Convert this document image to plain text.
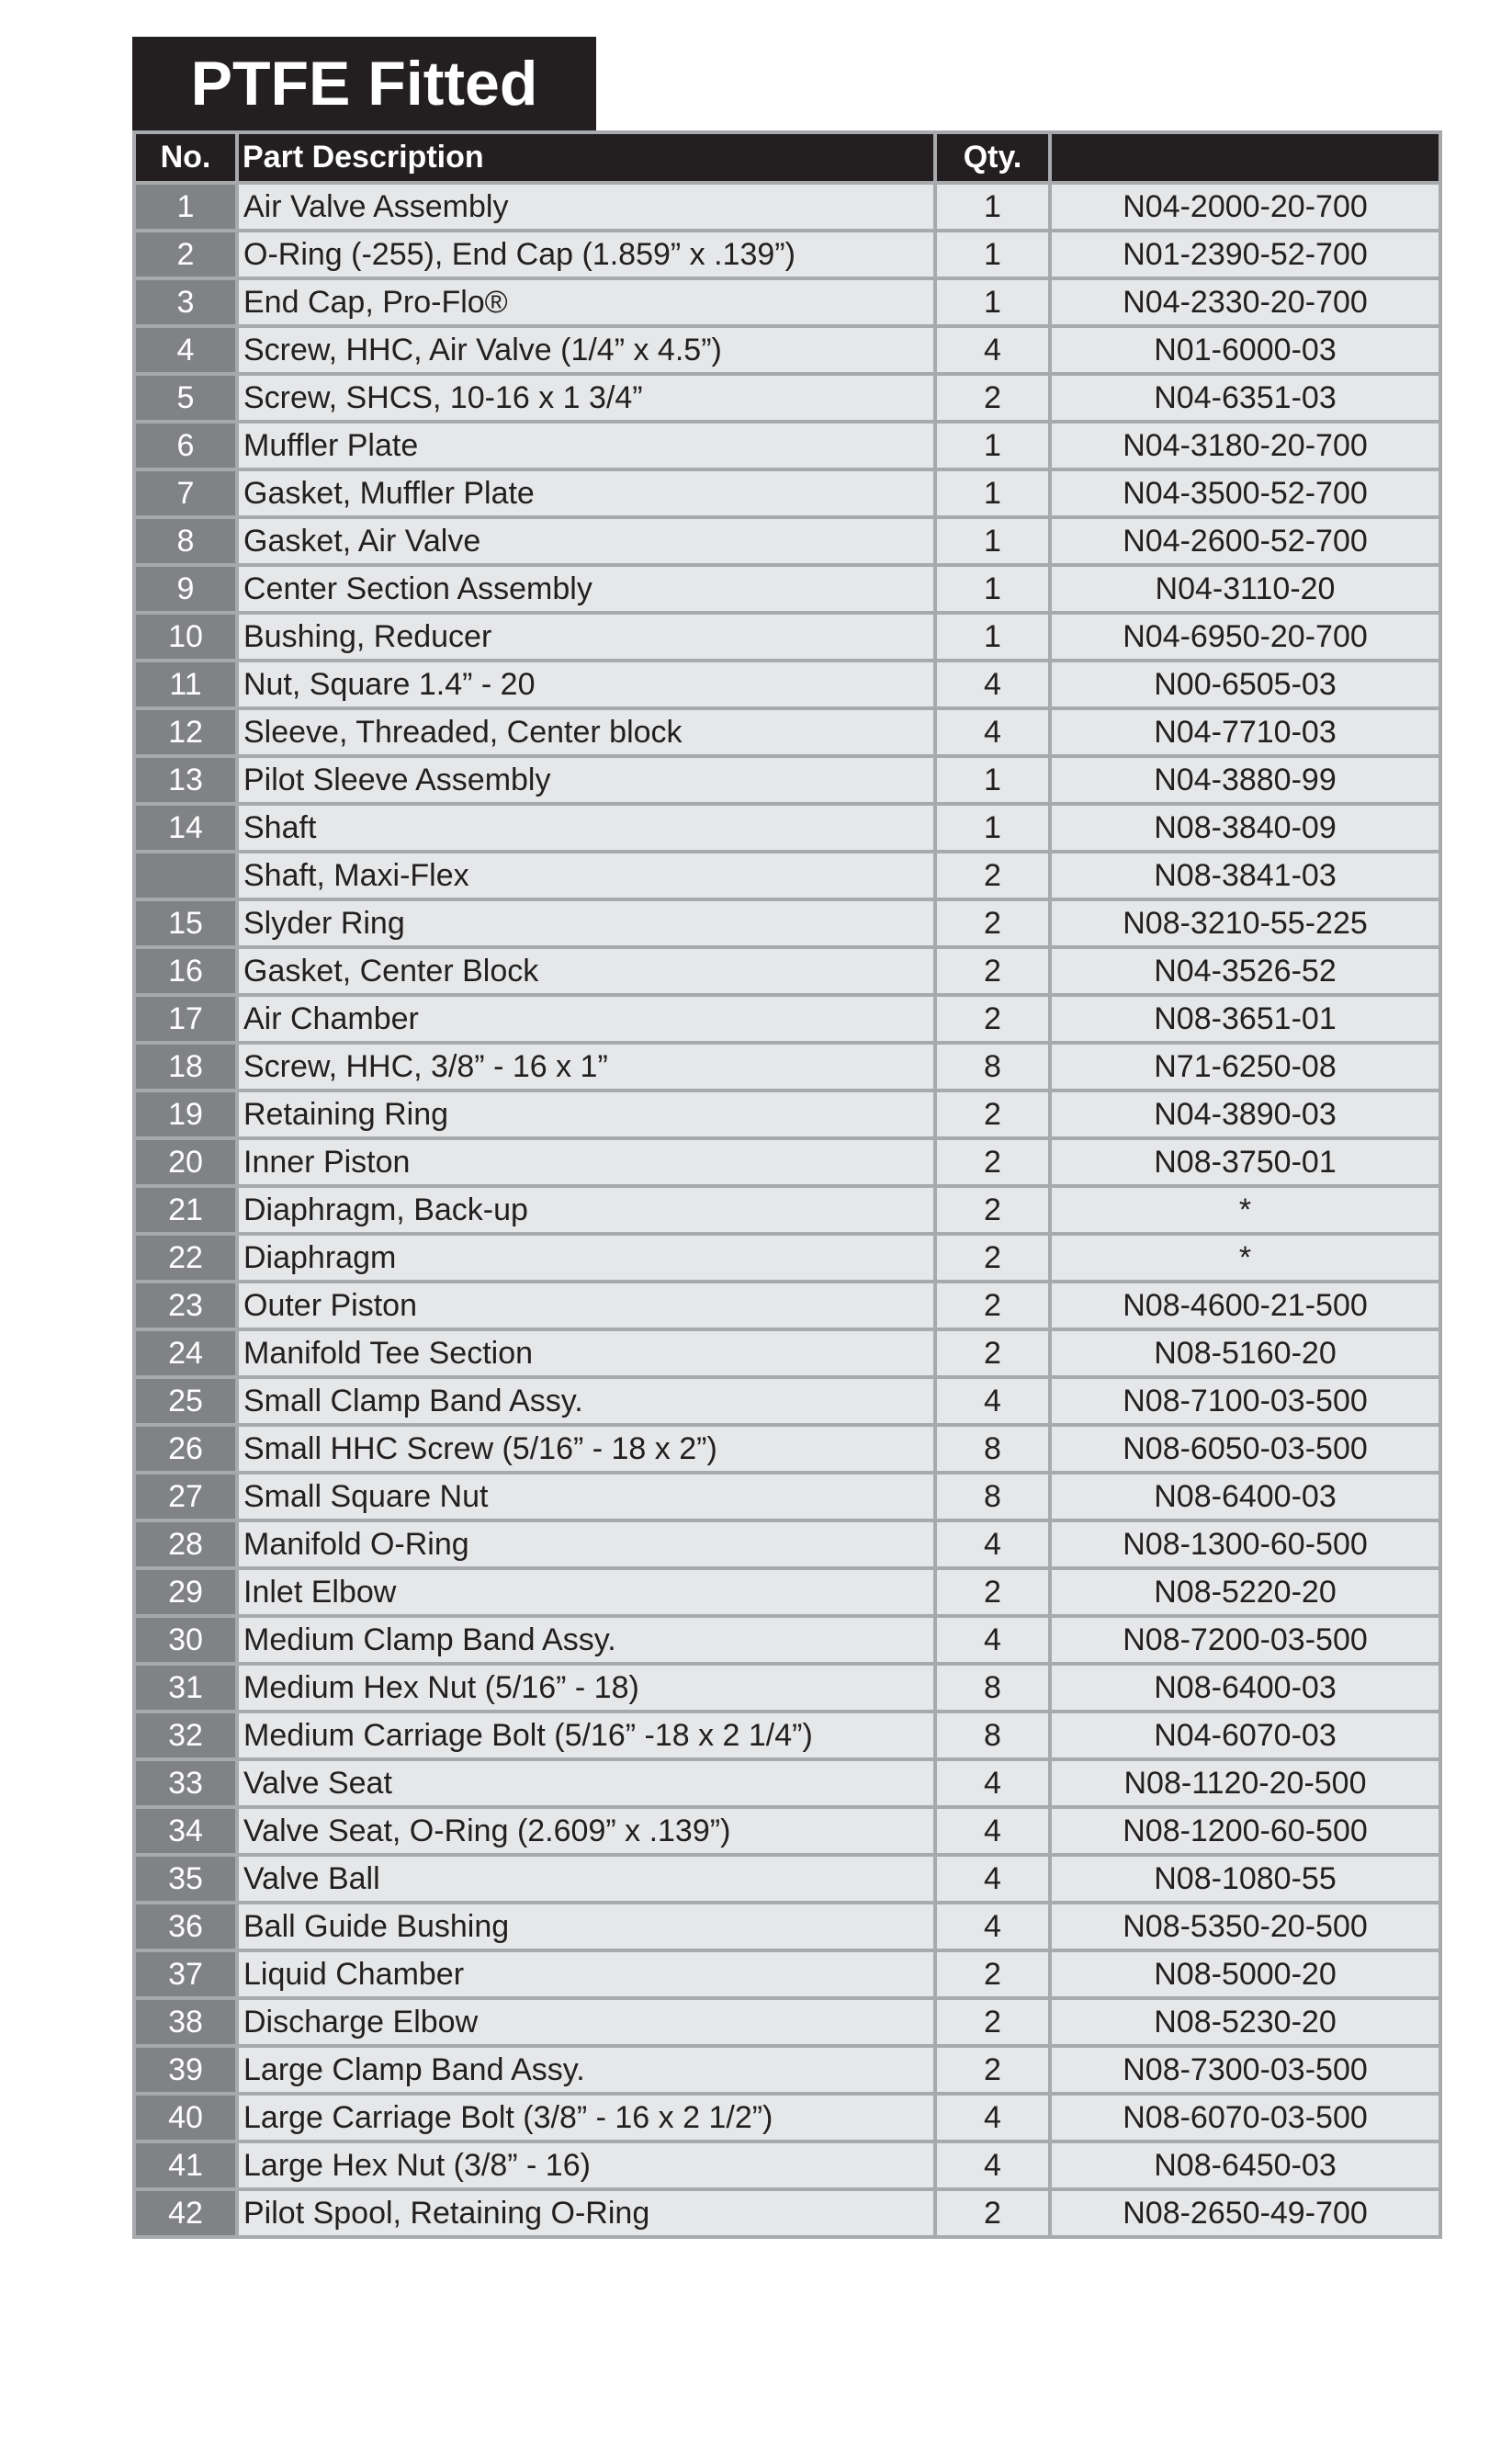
PTFE Fitted
No.	Part Description	Qty.	
1	Air Valve Assembly	1	N04-2000-20-700
2	O-Ring (-255), End Cap (1.859” x .139”)	1	N01-2390-52-700
3	End Cap, Pro-Flo®	1	N04-2330-20-700
4	Screw, HHC, Air Valve (1/4” x 4.5”)	4	N01-6000-03
5	Screw, SHCS, 10-16 x 1 3/4”	2	N04-6351-03
6	Muffler Plate	1	N04-3180-20-700
7	Gasket, Muffler Plate	1	N04-3500-52-700
8	Gasket, Air Valve	1	N04-2600-52-700
9	Center Section Assembly	1	N04-3110-20
10	Bushing, Reducer	1	N04-6950-20-700
11	Nut, Square 1.4” - 20	4	N00-6505-03
12	Sleeve, Threaded, Center block	4	N04-7710-03
13	Pilot Sleeve Assembly	1	N04-3880-99
14	Shaft	1	N08-3840-09
	Shaft, Maxi-Flex	2	N08-3841-03
15	Slyder Ring	2	N08-3210-55-225
16	Gasket, Center Block	2	N04-3526-52
17	Air Chamber	2	N08-3651-01
18	Screw, HHC, 3/8” - 16 x 1”	8	N71-6250-08
19	Retaining Ring	2	N04-3890-03
20	Inner Piston	2	N08-3750-01
21	Diaphragm, Back-up	2	*
22	Diaphragm	2	*
23	Outer Piston	2	N08-4600-21-500
24	Manifold Tee Section	2	N08-5160-20
25	Small Clamp Band Assy.	4	N08-7100-03-500
26	Small HHC Screw (5/16” - 18 x 2”)	8	N08-6050-03-500
27	Small Square Nut	8	N08-6400-03
28	Manifold O-Ring	4	N08-1300-60-500
29	Inlet Elbow	2	N08-5220-20
30	Medium Clamp Band Assy.	4	N08-7200-03-500
31	Medium Hex Nut (5/16” - 18)	8	N08-6400-03
32	Medium Carriage Bolt (5/16” -18 x 2 1/4”)	8	N04-6070-03
33	Valve Seat	4	N08-1120-20-500
34	Valve Seat, O-Ring (2.609” x .139”)	4	N08-1200-60-500
35	Valve Ball	4	N08-1080-55
36	Ball Guide Bushing	4	N08-5350-20-500
37	Liquid Chamber	2	N08-5000-20
38	Discharge Elbow	2	N08-5230-20
39	Large Clamp Band Assy.	2	N08-7300-03-500
40	Large Carriage Bolt (3/8” - 16 x 2 1/2”)	4	N08-6070-03-500
41	Large Hex Nut (3/8” - 16)	4	N08-6450-03
42	Pilot Spool, Retaining O-Ring	2	N08-2650-49-700
